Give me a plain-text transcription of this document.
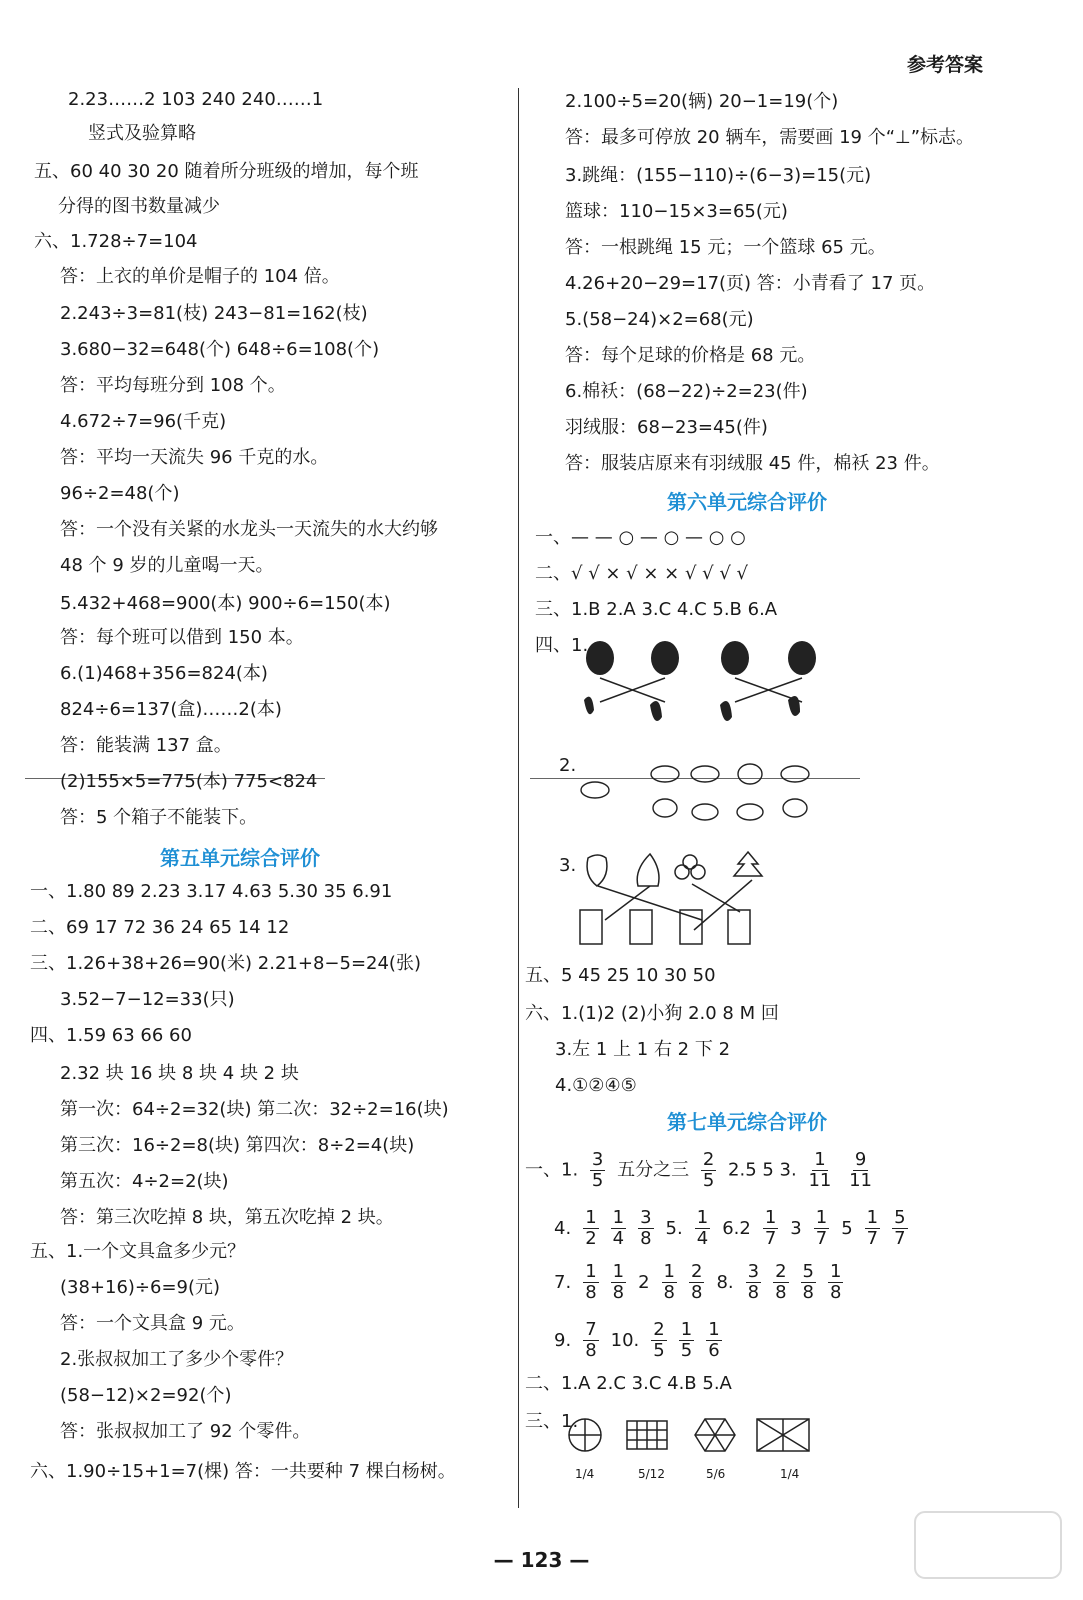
参考答案
2.23……2 103 240 240……1
竖式及验算略
五、60 40 30 20 随着所分班级的增加，每个班
分得的图书数量减少
六、1.728÷7=104
答：上衣的单价是帽子的 104 倍。
2.243÷3=81(枝) 243−81=162(枝)
3.680−32=648(个) 648÷6=108(个)
答：平均每班分到 108 个。
4.672÷7=96(千克)
答：平均一天流失 96 千克的水。
96÷2=48(个)
答：一个没有关紧的水龙头一天流失的水大约够
48 个 9 岁的儿童喝一天。
5.432+468=900(本) 900÷6=150(本)
答：每个班可以借到 150 本。
6.(1)468+356=824(本)
824÷6=137(盒)……2(本)
答：能装满 137 盒。
(2)155×5=775(本) 775<824
答：5 个箱子不能装下。
一、1.80 89 2.23 3.17 4.63 5.30 35 6.91
二、69 17 72 36 24 65 14 12
三、1.26+38+26=90(米) 2.21+8−5=24(张)
3.52−7−12=33(只)
四、1.59 63 66 60
2.32 块 16 块 8 块 4 块 2 块
第一次：64÷2=32(块) 第二次：32÷2=16(块)
第三次：16÷2=8(块) 第四次：8÷2=4(块)
第五次：4÷2=2(块)
答：第三次吃掉 8 块，第五次吃掉 2 块。
五、1.一个文具盒多少元？
(38+16)÷6=9(元)
答：一个文具盒 9 元。
2.张叔叔加工了多少个零件？
(58−12)×2=92(个)
答：张叔叔加工了 92 个零件。
六、1.90÷15+1=7(棵) 答：一共要种 7 棵白杨树。
第五单元综合评价
2.100÷5=20(辆) 20−1=19(个)
答：最多可停放 20 辆车，需要画 19 个“⊥”标志。
3.跳绳：(155−110)÷(6−3)=15(元)
篮球：110−15×3=65(元)
答：一根跳绳 15 元；一个篮球 65 元。
4.26+20−29=17(页) 答：小青看了 17 页。
5.(58−24)×2=68(元)
答：每个足球的价格是 68 元。
6.棉袄：(68−22)÷2=23(件)
羽绒服：68−23=45(件)
答：服装店原来有羽绒服 45 件，棉袄 23 件。
一、— — ○ — ○ — ○ ○
二、√ √ × √ × × √ √ √ √
三、1.B 2.A 3.C 4.C 5.B 6.A
四、1.
2.
3.
五、5 45 25 10 30 50
六、1.(1)2 (2)小狗 2.0 8 M 回
3.左 1 上 1 右 2 下 2
4.①②④⑤
二、1.A 2.C 3.C 4.B 5.A
三、1.
第六单元综合评价
第七单元综合评价
一、1. $\frac{3}{5}$ 五分之三 $\frac{2}{5} 2.5$ 5 3. $\frac{1}{11}$
$\frac{9}{11}$
4. $\frac{1}{2} \frac{1}{4} \frac{3}{8} 5$. $\frac{1}{4} 6.2 \frac{1}{7} 3 \frac{1}{7} 5 \frac{1}{7} \frac{5}{7}$
7. $\frac{1}{8} \frac{1}{8} 2 \frac{1}{8} \frac{2}{8} 8$. $\frac{3}{8} \frac{2}{8} \frac{5}{8} \frac{1}{8}$
9. $\frac{7}{8} 10$. $\frac{2}{5} \frac{1}{5} \frac{1}{6}$
1/4	5/12	5/6	1/4
— 123 —
